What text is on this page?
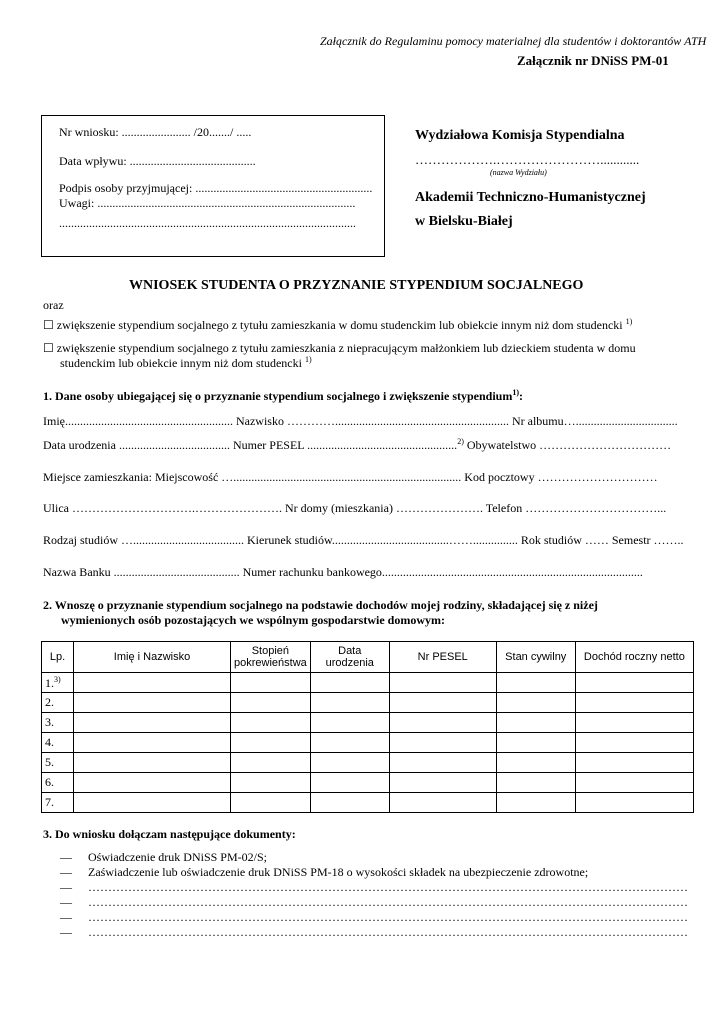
Załącznik do Regulaminu pomocy materialnej dla studentów i doktorantów ATH
Załącznik nr DNiSS PM-01
Nr wniosku: ....................... /20......./ .....
Data wpływu: ..........................................
Podpis osoby przyjmującej: ...........................................................
Uwagi: ......................................................................................
...................................................................................................
Wydziałowa Komisja Stypendialna
……………….……………………............
(nazwa Wydziału)
Akademii Techniczno-Humanistycznej
w Bielsku-Białej
WNIOSEK STUDENTA O PRZYZNANIE STYPENDIUM SOCJALNEGO
oraz
☐ zwiększenie stypendium socjalnego z tytułu zamieszkania w domu studenckim lub obiekcie innym niż dom studencki $^{1)}$
☐ zwiększenie stypendium socjalnego z tytułu zamieszkania z niepracującym małżonkiem lub dzieckiem studenta w domu
studenckim lub obiekcie innym niż dom studencki $^{1)}$
1. Dane osoby ubiegającej się o przyznanie stypendium socjalnego i zwiększenie stypendium$^{1)}$:
Imię........................................................ Nazwisko ………….......................................................... Nr albumu…..................................
Data urodzenia ..................................... Numer PESEL ..................................................$^{2)}$ Obywatelstwo ……………………………
Miejsce zamieszkania: Miejscowość …............................................................................ Kod pocztowy …………………………
Ulica ………………………….…………………. Nr domy (mieszkania) …………………. Telefon ……………………………...
Rodzaj studiów …..................................... Kierunek studiów.......................................……............... Rok studiów …… Semestr ……..
Nazwa Banku .......................................... Numer rachunku bankowego.......................................................................................
2. Wnoszę o przyznanie stypendium socjalnego na podstawie dochodów mojej rodziny, składającej się z niżej
wymienionych osób pozostających we wspólnym gospodarstwie domowym:
Lp.	Imię i Nazwisko	Stopień pokrewieństwa	Data urodzenia	Nr PESEL	Stan cywilny	Dochód roczny netto
1.$^{3)}$						
2.						
3.						
4.						
5.						
6.						
7.						
3. Do wniosku dołączam następujące dokumenty:
— Oświadczenie druk DNiSS PM-02/S;
— Zaświadczenie lub oświadczenie druk DNiSS PM-18 o wysokości składek na ubezpieczenie zdrowotne;
— ……………………………………………………………………………………………………………………………………
— ……………………………………………………………………………………………………………………………………
— ……………………………………………………………………………………………………………………………………
— ……………………………………………………………………………………………………………………………………
